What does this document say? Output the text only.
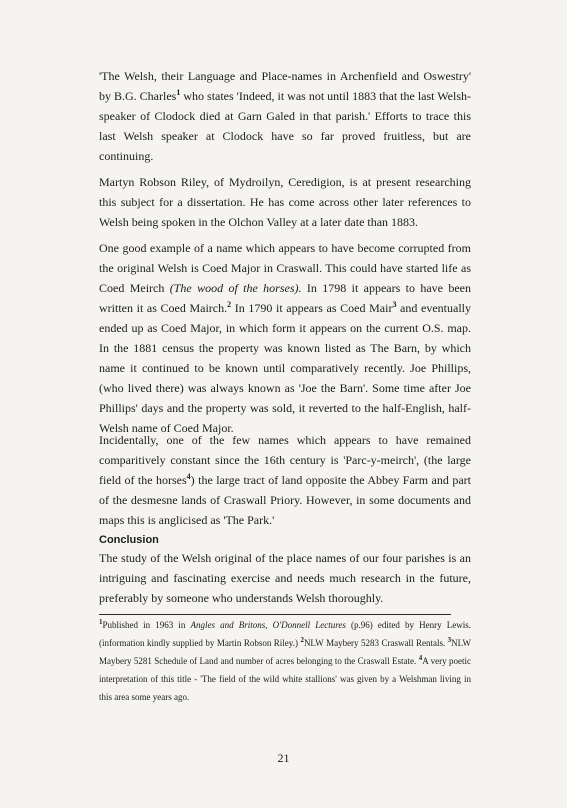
'The Welsh, their Language and Place-names in Archenfield and Oswestry' by B.G. Charles$^1$ who states 'Indeed, it was not until 1883 that the last Welsh-speaker of Clodock died at Garn Galed in that parish.' Efforts to trace this last Welsh speaker at Clodock have so far proved fruitless, but are continuing.

Martyn Robson Riley, of Mydroilyn, Ceredigion, is at present researching this subject for a dissertation. He has come across other later references to Welsh being spoken in the Olchon Valley at a later date than 1883.

One good example of a name which appears to have become corrupted from the original Welsh is Coed Major in Craswall. This could have started life as Coed Meirch (The wood of the horses). In 1798 it appears to have been written it as Coed Mairch.$^2$ In 1790 it appears as Coed Mair$^3$ and eventually ended up as Coed Major, in which form it appears on the current O.S. map. In the 1881 census the property was known listed as The Barn, by which name it continued to be known until comparatively recently. Joe Phillips, (who lived there) was always known as 'Joe the Barn'. Some time after Joe Phillips' days and the property was sold, it reverted to the half-English, half-Welsh name of Coed Major.

Incidentally, one of the few names which appears to have remained comparitively constant since the 16th century is 'Parc-y-meirch', (the large field of the horses$^4$) the large tract of land opposite the Abbey Farm and part of the desmesne lands of Craswall Priory. However, in some documents and maps this is anglicised as 'The Park.'

Conclusion

The study of the Welsh original of the place names of our four parishes is an intriguing and fascinating exercise and needs much research in the future, preferably by someone who understands Welsh thoroughly.

$^1$Published in 1963 in Angles and Britons, O'Donnell Lectures (p.96) edited by Henry Lewis. (information kindly supplied by Martin Robson Riley.) $^2$NLW Maybery 5283 Craswall Rentals. $^3$NLW Maybery 5281 Schedule of Land and number of acres belonging to the Craswall Estate. $^4$A very poetic interpretation of this title - 'The field of the wild white stallions' was given by a Welshman living in this area some years ago.
21
